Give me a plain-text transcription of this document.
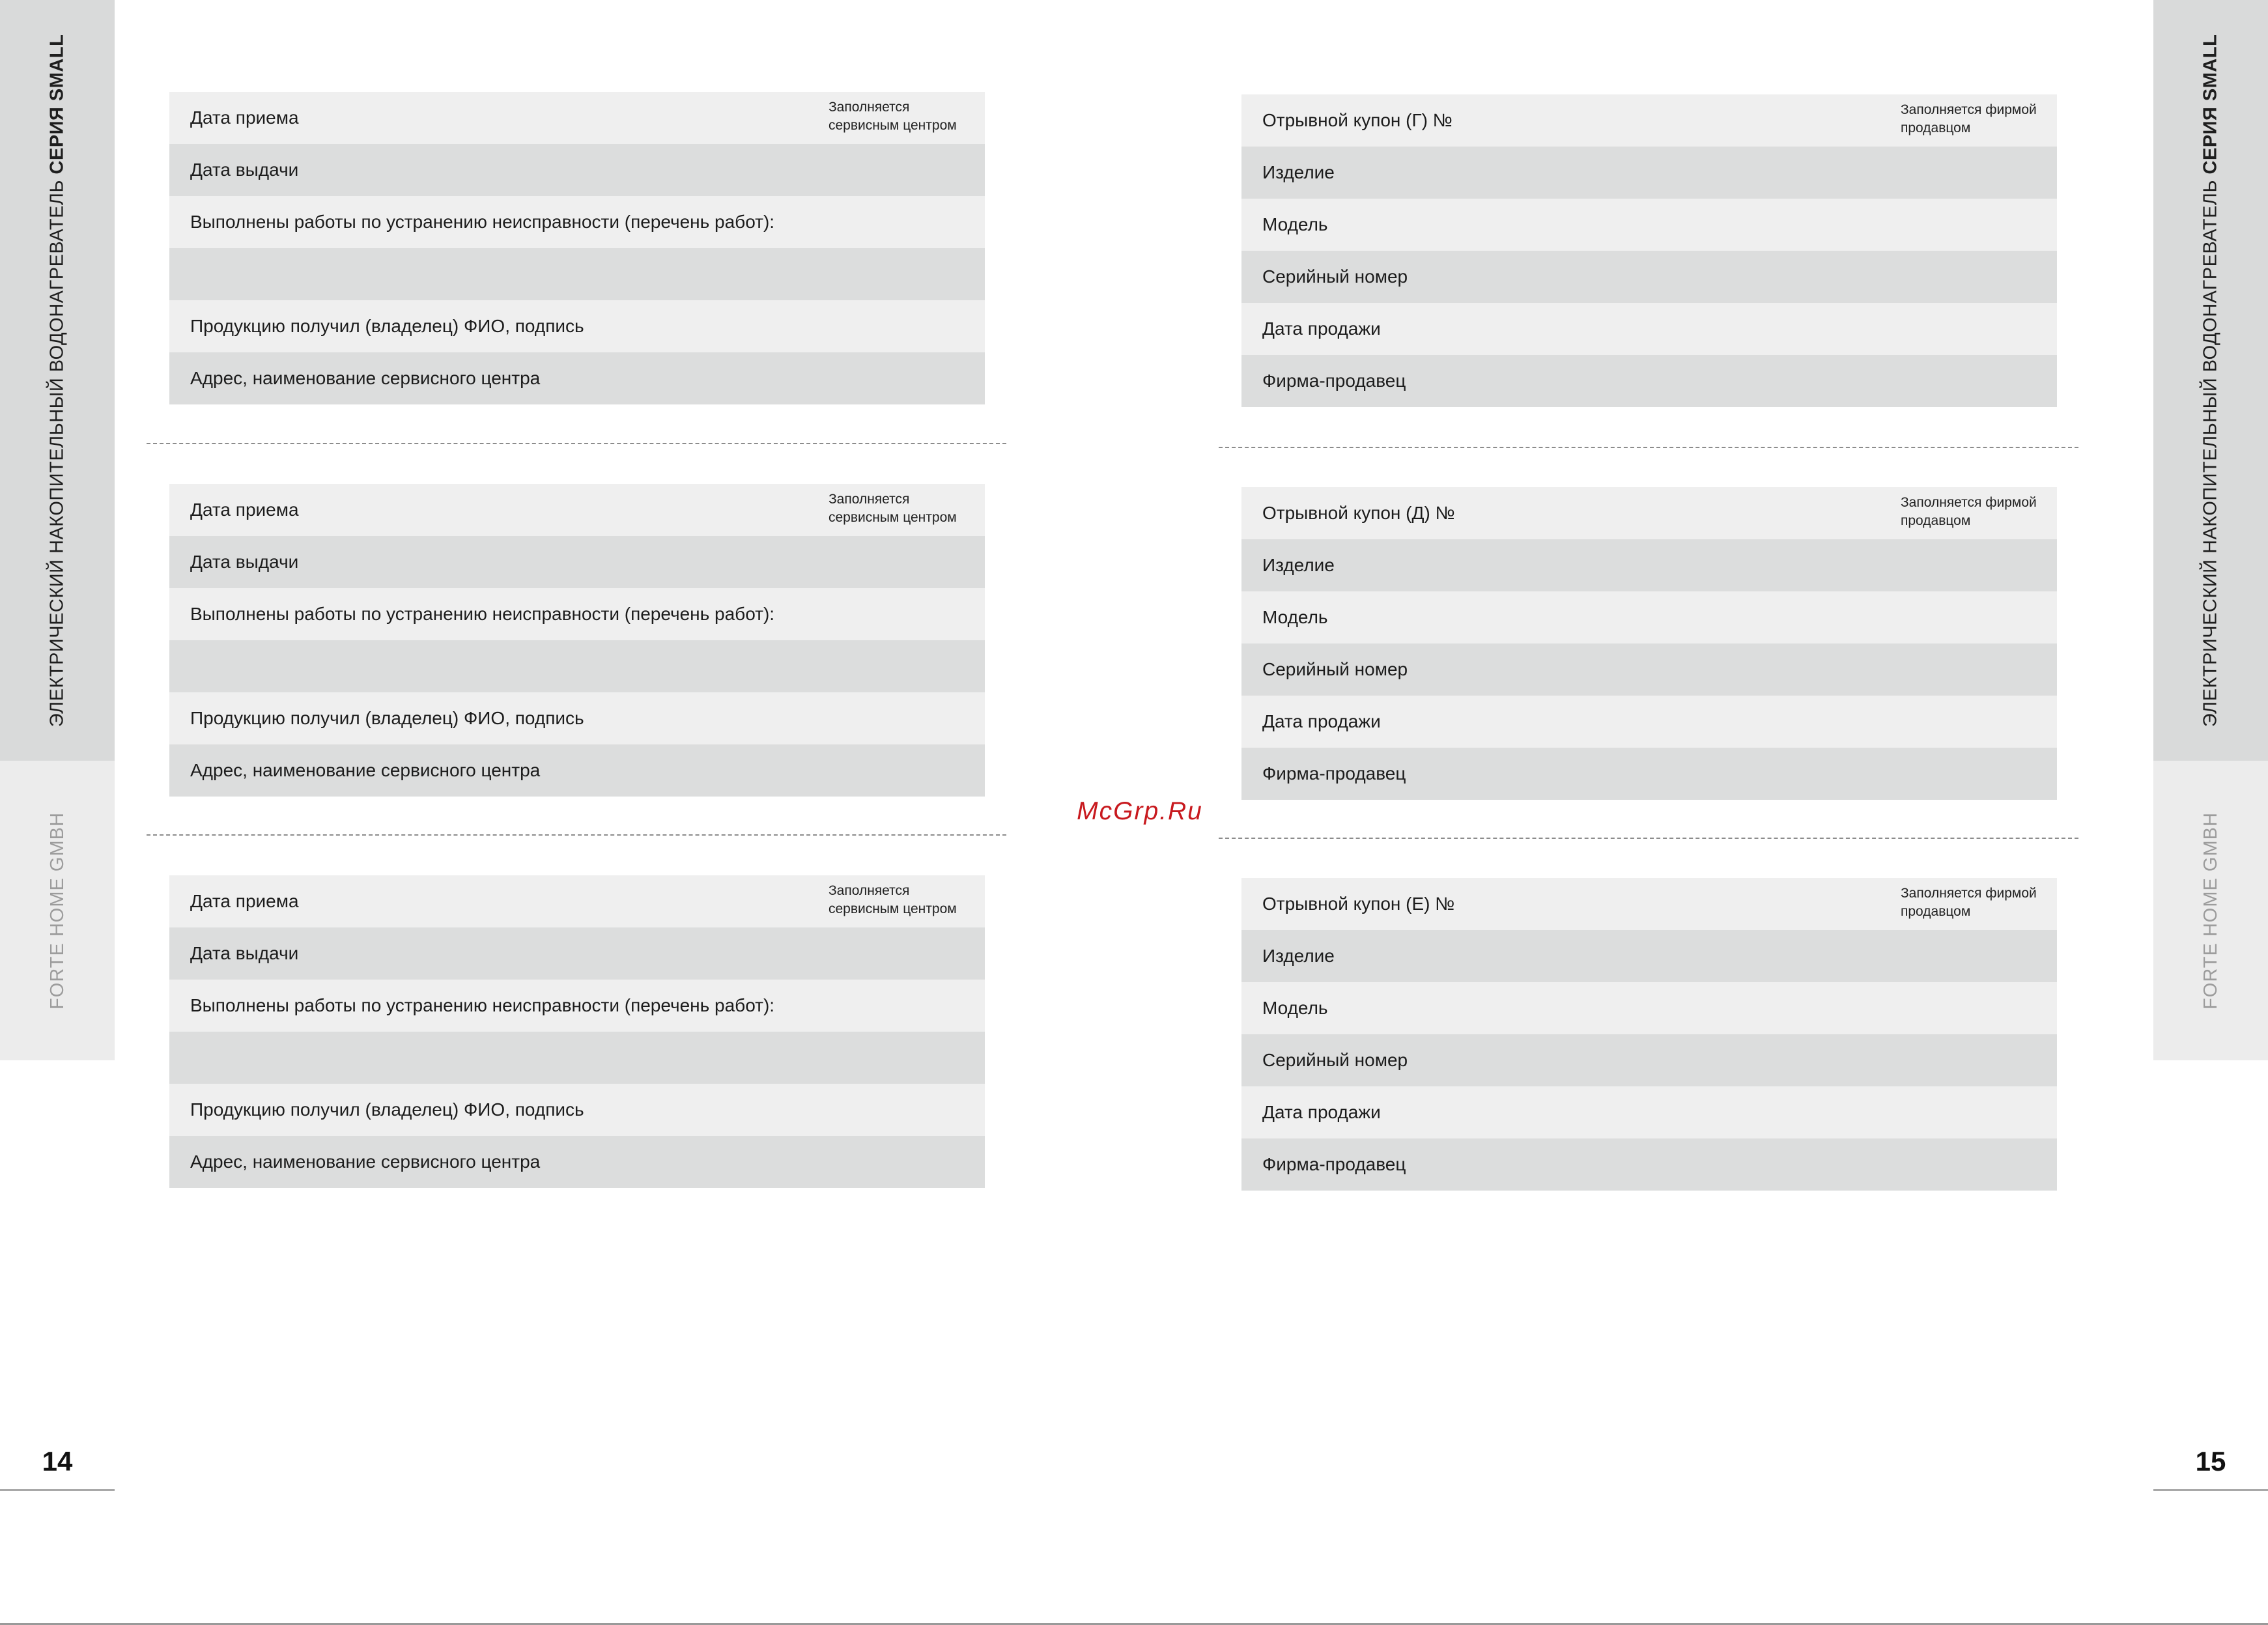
ЭЛЕКТРИЧЕСКИЙ НАКОПИТЕЛЬНЫЙ ВОДОНАГРЕВАТЕЛЬ СЕРИЯ SMALL
FORTE HOME GMBH
ЭЛЕКТРИЧЕСКИЙ НАКОПИТЕЛЬНЫЙ ВОДОНАГРЕВАТЕЛЬ СЕРИЯ SMALL
FORTE HOME GMBH
14	15
Дата приема
Заполняется сервисным центром
Дата выдачи
Выполнены работы по устранению неисправности (перечень работ):
Продукцию получил (владелец) ФИО, подпись
Адрес, наименование сервисного центра
Дата приема
Заполняется сервисным центром
Дата выдачи
Выполнены работы по устранению неисправности (перечень работ):
Продукцию получил (владелец) ФИО, подпись
Адрес, наименование сервисного центра
Дата приема
Заполняется сервисным центром
Дата выдачи
Выполнены работы по устранению неисправности (перечень работ):
Продукцию получил (владелец) ФИО, подпись
Адрес, наименование сервисного центра
Отрывной купон (Г) №
Заполняется фирмой продавцом
Изделие
Модель
Серийный номер
Дата продажи
Фирма-продавец
Отрывной купон (Д) №
Заполняется фирмой продавцом
Изделие
Модель
Серийный номер
Дата продажи
Фирма-продавец
Отрывной купон (Е) №
Заполняется фирмой продавцом
Изделие
Модель
Серийный номер
Дата продажи
Фирма-продавец
McGrp.Ru
